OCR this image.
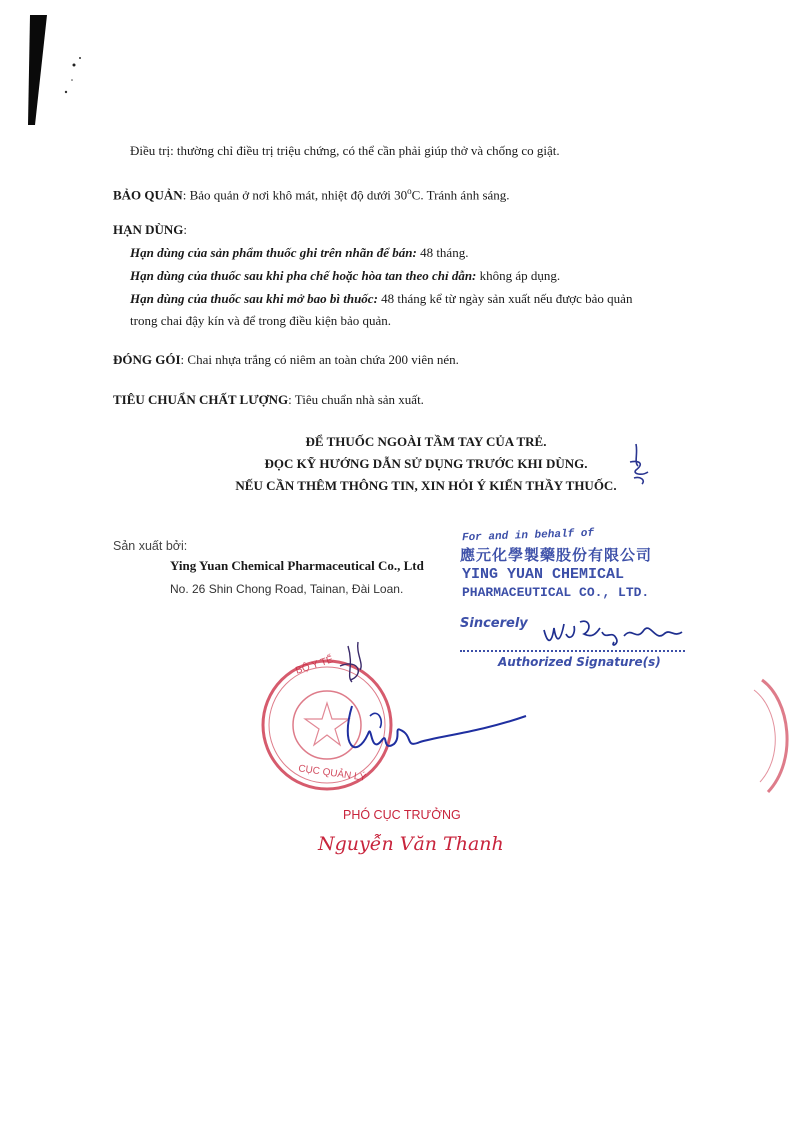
Điều trị: thường chỉ điều trị triệu chứng, có thể cần phải giúp thở và chống co giật.
BẢO QUẢN: Bảo quản ở nơi khô mát, nhiệt độ dưới 30$^o$C. Tránh ánh sáng.
HẠN DÙNG:
Hạn dùng của sản phẩm thuốc ghi trên nhãn để bán: 48 tháng.
Hạn dùng của thuốc sau khi pha chế hoặc hòa tan theo chỉ dẫn: không áp dụng.
Hạn dùng của thuốc sau khi mở bao bì thuốc: 48 tháng kể từ ngày sản xuất nếu được bảo quản
trong chai đậy kín và để trong điều kiện bảo quản.
ĐÓNG GÓI: Chai nhựa trắng có niêm an toàn chứa 200 viên nén.
TIÊU CHUẨN CHẤT LƯỢNG: Tiêu chuẩn nhà sản xuất.
ĐỂ THUỐC NGOÀI TẦM TAY CỦA TRẺ.
ĐỌC KỸ HƯỚNG DẪN SỬ DỤNG TRƯỚC KHI DÙNG.
NẾU CẦN THÊM THÔNG TIN, XIN HỎI Ý KIẾN THẦY THUỐC.
Sản xuất bởi:
Ying Yuan Chemical Pharmaceutical Co., Ltd
No. 26 Shin Chong Road, Tainan, Đài Loan.
For and in behalf of
應元化學製藥股份有限公司
YING YUAN CHEMICAL
PHARMACEUTICAL CO., LTD.
Sincerely
Authorized Signature(s)
BỘ Y TẾ
CỤC QUẢN LÝ
PHÓ CỤC TRƯỞNG
Nguyễn Văn Thanh
